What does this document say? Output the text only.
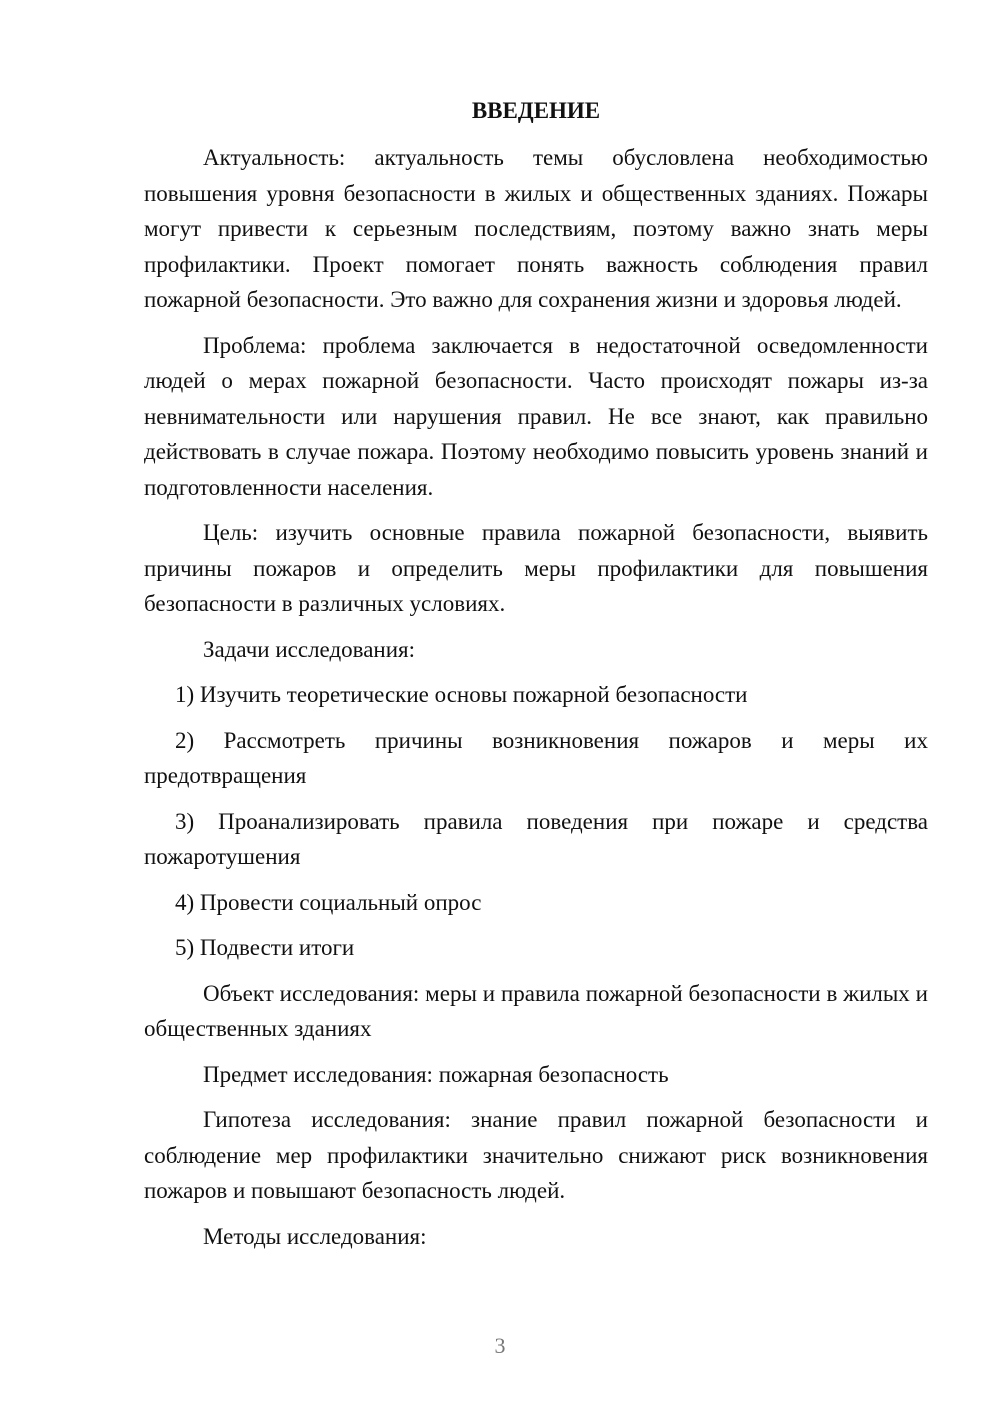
ВВЕДЕНИЕ

Актуальность: актуальность темы обусловлена необходимостью повышения уровня безопасности в жилых и общественных зданиях. Пожары могут привести к серьезным последствиям, поэтому важно знать меры профилактики. Проект помогает понять важность соблюдения правил пожарной безопасности. Это важно для сохранения жизни и здоровья людей.

Проблема: проблема заключается в недостаточной осведомленности людей о мерах пожарной безопасности. Часто происходят пожары из-за невнимательности или нарушения правил. Не все знают, как правильно действовать в случае пожара. Поэтому необходимо повысить уровень знаний и подготовленности населения.

Цель: изучить основные правила пожарной безопасности, выявить причины пожаров и определить меры профилактики для повышения безопасности в различных условиях.

Задачи исследования:

1) Изучить теоретические основы пожарной безопасности

2) Рассмотреть причины возникновения пожаров и меры их предотвращения

3) Проанализировать правила поведения при пожаре и средства пожаротушения

4) Провести социальный опрос

5) Подвести итоги

Объект исследования: меры и правила пожарной безопасности в жилых и общественных зданиях

Предмет исследования: пожарная безопасность

Гипотеза исследования: знание правил пожарной безопасности и соблюдение мер профилактики значительно снижают риск возникновения пожаров и повышают безопасность людей.

Методы исследования:

3
